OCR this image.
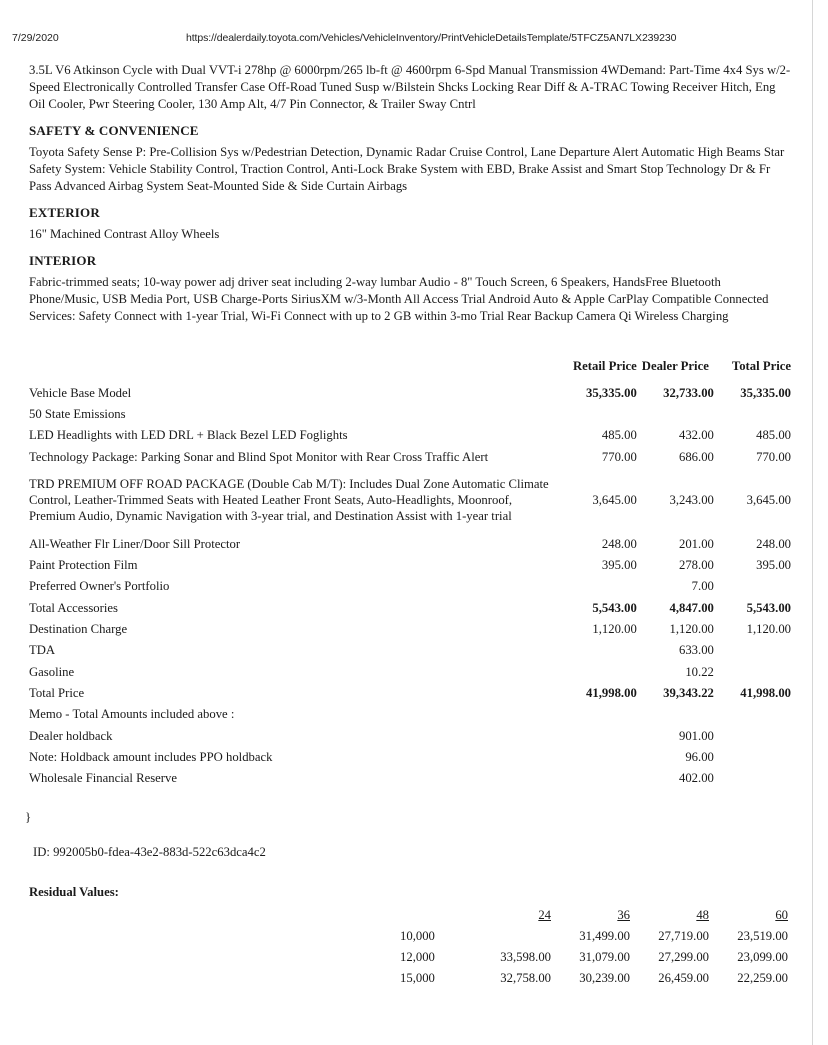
7/29/2020	https://dealerdaily.toyota.com/Vehicles/VehicleInventory/PrintVehicleDetailsTemplate/5TFCZ5AN7LX239230

3.5L V6 Atkinson Cycle with Dual VVT-i 278hp @ 6000rpm/265 lb-ft @ 4600rpm 6-Spd Manual Transmission 4WDemand: Part-Time 4x4 Sys w/2-Speed Electronically Controlled Transfer Case Off-Road Tuned Susp w/Bilstein Shcks Locking Rear Diff & A-TRAC Towing Receiver Hitch, Eng Oil Cooler, Pwr Steering Cooler, 130 Amp Alt, 4/7 Pin Connector, & Trailer Sway Cntrl

SAFETY & CONVENIENCE

Toyota Safety Sense P: Pre-Collision Sys w/Pedestrian Detection, Dynamic Radar Cruise Control, Lane Departure Alert Automatic High Beams Star Safety System: Vehicle Stability Control, Traction Control, Anti-Lock Brake System with EBD, Brake Assist and Smart Stop Technology Dr & Fr Pass Advanced Airbag System Seat-Mounted Side & Side Curtain Airbags

EXTERIOR

16" Machined Contrast Alloy Wheels

INTERIOR

Fabric-trimmed seats; 10-way power adj driver seat including 2-way lumbar Audio - 8" Touch Screen, 6 Speakers, HandsFree Bluetooth Phone/Music, USB Media Port, USB Charge-Ports SiriusXM w/3-Month All Access Trial Android Auto & Apple CarPlay Compatible Connected Services: Safety Connect with 1-year Trial, Wi-Fi Connect with up to 2 GB within 3-mo Trial Rear Backup Camera Qi Wireless Charging

	Retail Price	Dealer Price	Total Price
Vehicle Base Model	35,335.00	32,733.00	35,335.00
50 State Emissions			
LED Headlights with LED DRL + Black Bezel LED Foglights	485.00	432.00	485.00
Technology Package: Parking Sonar and Blind Spot Monitor with Rear Cross Traffic Alert	770.00	686.00	770.00
TRD PREMIUM OFF ROAD PACKAGE (Double Cab M/T): Includes Dual Zone Automatic Climate Control, Leather-Trimmed Seats with Heated Leather Front Seats, Auto-Headlights, Moonroof, Premium Audio, Dynamic Navigation with 3-year trial, and Destination Assist with 1-year trial	3,645.00	3,243.00	3,645.00
All-Weather Flr Liner/Door Sill Protector	248.00	201.00	248.00
Paint Protection Film	395.00	278.00	395.00
Preferred Owner's Portfolio		7.00	
Total Accessories	5,543.00	4,847.00	5,543.00
Destination Charge	1,120.00	1,120.00	1,120.00
TDA		633.00	
Gasoline		10.22	
Total Price	41,998.00	39,343.22	41,998.00
Memo - Total Amounts included above :			
Dealer holdback		901.00	
Note: Holdback amount includes PPO holdback		96.00	
Wholesale Financial Reserve		402.00	
}
ID: 992005b0-fdea-43e2-883d-522c63dca4c2
Residual Values:
	24	36	48	60
10,000		31,499.00	27,719.00	23,519.00
12,000	33,598.00	31,079.00	27,299.00	23,099.00
15,000	32,758.00	30,239.00	26,459.00	22,259.00
